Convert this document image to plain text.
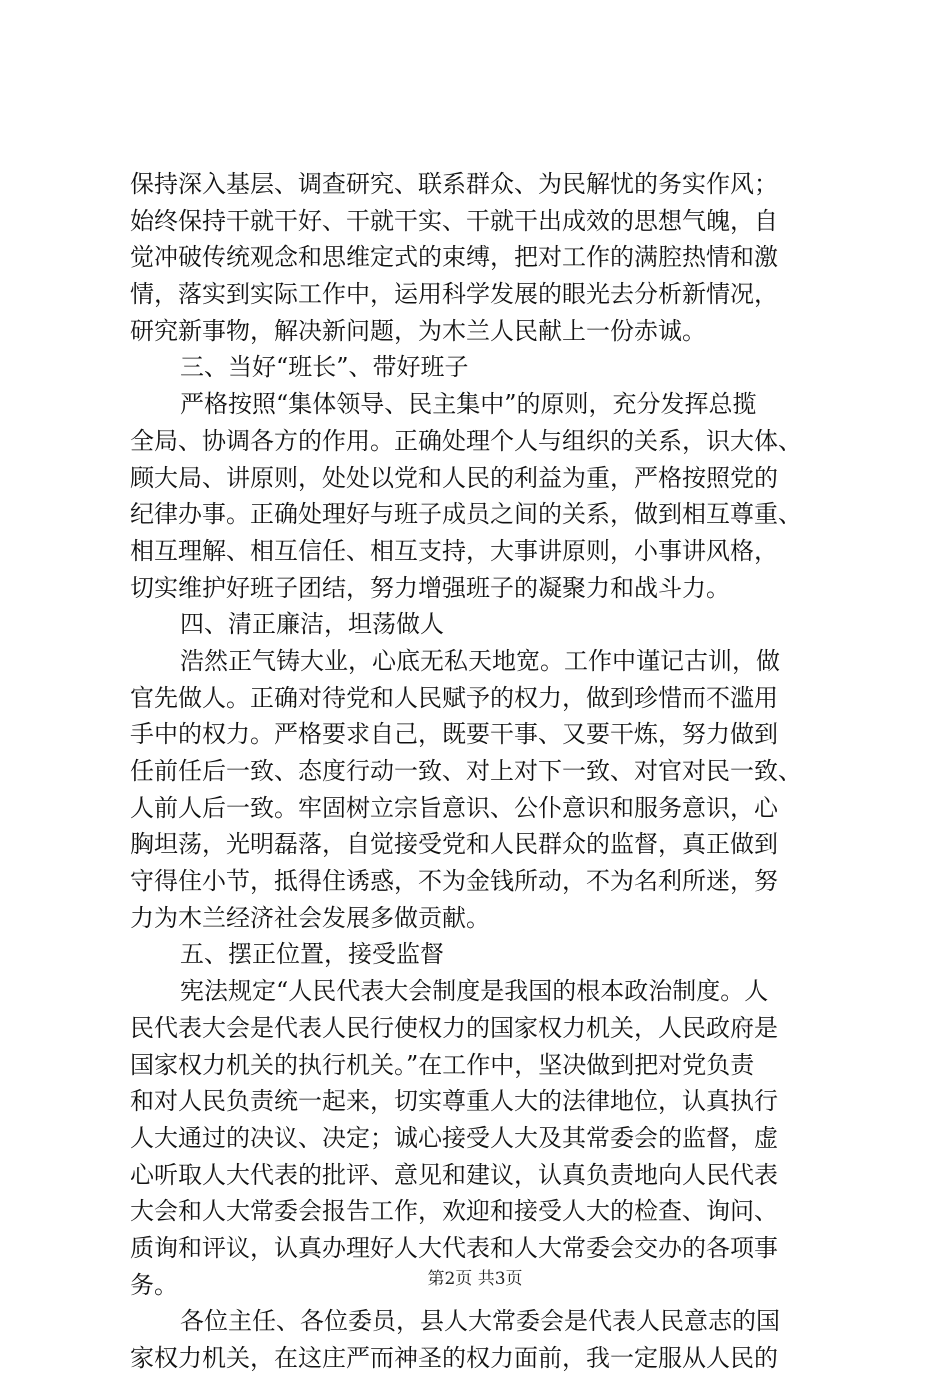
保持深入基层、调查研究、联系群众、为民解忧的务实作风；
始终保持干就干好、干就干实、干就干出成效的思想气魄，自
觉冲破传统观念和思维定式的束缚，把对工作的满腔热情和激
情，落实到实际工作中，运用科学发展的眼光去分析新情况，
研究新事物，解决新问题，为木兰人民献上一份赤诚。
三、当好“班长”、带好班子
严格按照“集体领导、民主集中”的原则，充分发挥总揽
全局、协调各方的作用。正确处理个人与组织的关系，识大体、
顾大局、讲原则，处处以党和人民的利益为重，严格按照党的
纪律办事。正确处理好与班子成员之间的关系，做到相互尊重、
相互理解、相互信任、相互支持，大事讲原则，小事讲风格，
切实维护好班子团结，努力增强班子的凝聚力和战斗力。
四、清正廉洁，坦荡做人
浩然正气铸大业，心底无私天地宽。工作中谨记古训，做
官先做人。正确对待党和人民赋予的权力，做到珍惜而不滥用
手中的权力。严格要求自己，既要干事、又要干炼，努力做到
任前任后一致、态度行动一致、对上对下一致、对官对民一致、
人前人后一致。牢固树立宗旨意识、公仆意识和服务意识，心
胸坦荡，光明磊落，自觉接受党和人民群众的监督，真正做到
守得住小节，抵得住诱惑，不为金钱所动，不为名利所迷，努
力为木兰经济社会发展多做贡献。
五、摆正位置，接受监督
宪法规定“人民代表大会制度是我国的根本政治制度。人
民代表大会是代表人民行使权力的国家权力机关，人民政府是
国家权力机关的执行机关。”在工作中，坚决做到把对党负责
和对人民负责统一起来，切实尊重人大的法律地位，认真执行
人大通过的决议、决定；诚心接受人大及其常委会的监督，虚
心听取人大代表的批评、意见和建议，认真负责地向人民代表
大会和人大常委会报告工作，欢迎和接受人大的检查、询问、
质询和评议，认真办理好人大代表和人大常委会交办的各项事
务。
各位主任、各位委员，县人大常委会是代表人民意志的国
家权力机关，在这庄严而神圣的权力面前，我一定服从人民的
第2页 共3页
